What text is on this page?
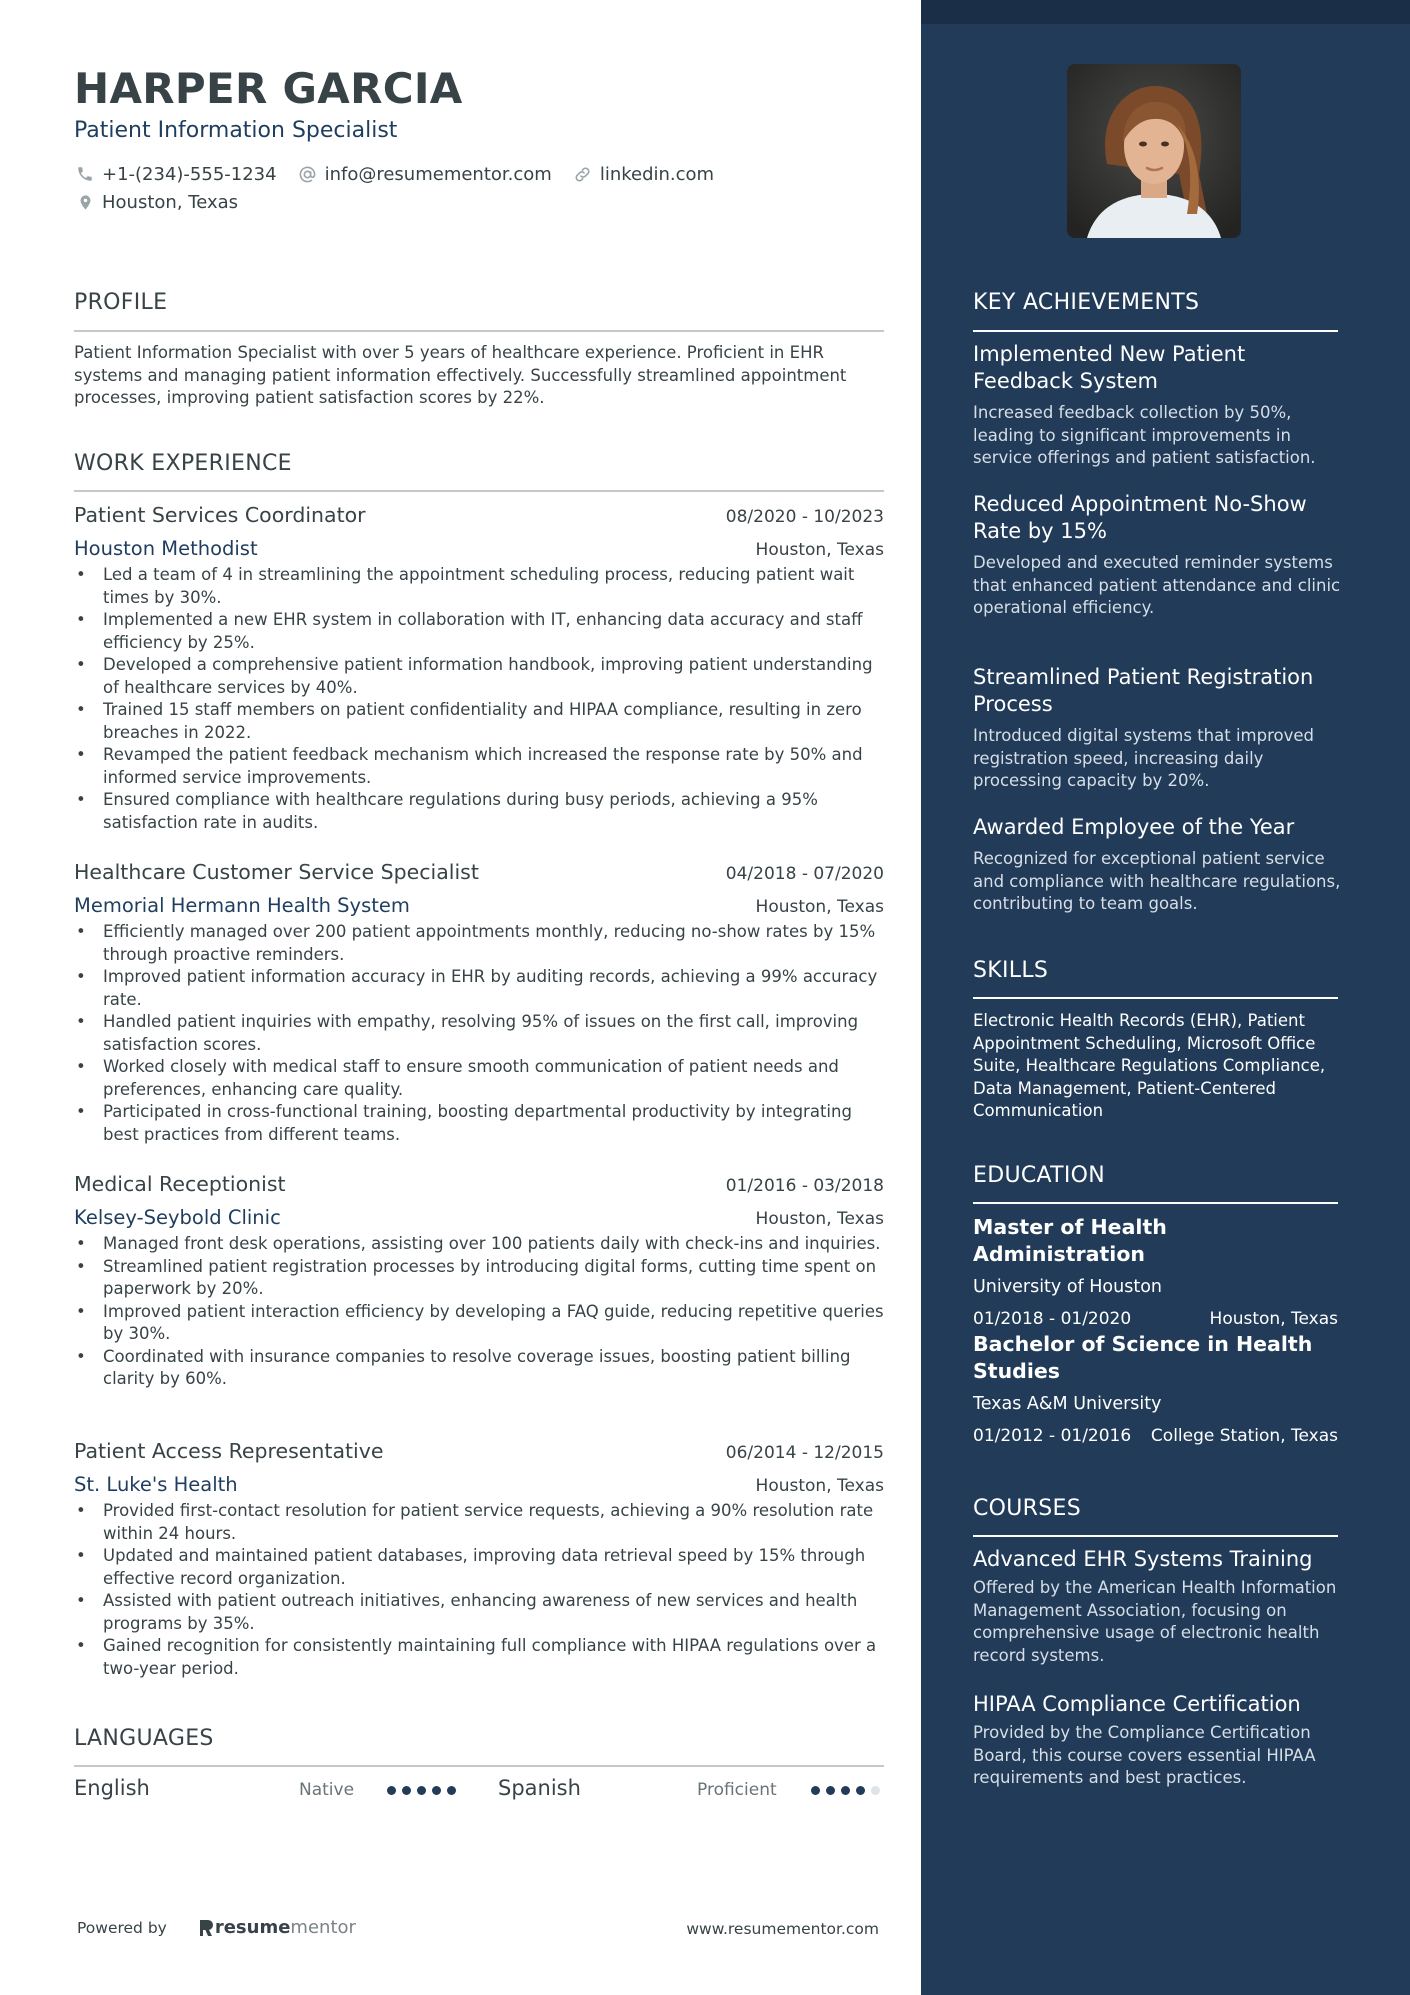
HARPER GARCIA
Patient Information Specialist
+1-(234)-555-1234	info@resumementor.com	linkedin.com
Houston, Texas
PROFILE
Patient Information Specialist with over 5 years of healthcare experience. Proficient in EHR systems and managing patient information effectively. Successfully streamlined appointment processes, improving patient satisfaction scores by 22%.
WORK EXPERIENCE
Patient Services Coordinator	08/2020 - 10/2023
Houston Methodist	Houston, Texas
• Led a team of 4 in streamlining the appointment scheduling process, reducing patient wait times by 30%.
• Implemented a new EHR system in collaboration with IT, enhancing data accuracy and staff efficiency by 25%.
• Developed a comprehensive patient information handbook, improving patient understanding of healthcare services by 40%.
• Trained 15 staff members on patient confidentiality and HIPAA compliance, resulting in zero breaches in 2022.
• Revamped the patient feedback mechanism which increased the response rate by 50% and informed service improvements.
• Ensured compliance with healthcare regulations during busy periods, achieving a 95% satisfaction rate in audits.
Healthcare Customer Service Specialist	04/2018 - 07/2020
Memorial Hermann Health System	Houston, Texas
• Efficiently managed over 200 patient appointments monthly, reducing no-show rates by 15% through proactive reminders.
• Improved patient information accuracy in EHR by auditing records, achieving a 99% accuracy rate.
• Handled patient inquiries with empathy, resolving 95% of issues on the first call, improving satisfaction scores.
• Worked closely with medical staff to ensure smooth communication of patient needs and preferences, enhancing care quality.
• Participated in cross-functional training, boosting departmental productivity by integrating best practices from different teams.
Medical Receptionist	01/2016 - 03/2018
Kelsey-Seybold Clinic	Houston, Texas
• Managed front desk operations, assisting over 100 patients daily with check-ins and inquiries.
• Streamlined patient registration processes by introducing digital forms, cutting time spent on paperwork by 20%.
• Improved patient interaction efficiency by developing a FAQ guide, reducing repetitive queries by 30%.
• Coordinated with insurance companies to resolve coverage issues, boosting patient billing clarity by 60%.
Patient Access Representative	06/2014 - 12/2015
St. Luke's Health	Houston, Texas
• Provided first-contact resolution for patient service requests, achieving a 90% resolution rate within 24 hours.
• Updated and maintained patient databases, improving data retrieval speed by 15% through effective record organization.
• Assisted with patient outreach initiatives, enhancing awareness of new services and health programs by 35%.
• Gained recognition for consistently maintaining full compliance with HIPAA regulations over a two-year period.
LANGUAGES
English	Native	Spanish	Proficient
Powered by	resume mentor	www.resumementor.com
KEY ACHIEVEMENTS
Implemented New Patient Feedback System
Increased feedback collection by 50%, leading to significant improvements in service offerings and patient satisfaction.
Reduced Appointment No-Show Rate by 15%
Developed and executed reminder systems that enhanced patient attendance and clinic operational efficiency.
Streamlined Patient Registration Process
Introduced digital systems that improved registration speed, increasing daily processing capacity by 20%.
Awarded Employee of the Year
Recognized for exceptional patient service and compliance with healthcare regulations, contributing to team goals.
SKILLS
Electronic Health Records (EHR), Patient Appointment Scheduling, Microsoft Office Suite, Healthcare Regulations Compliance, Data Management, Patient-Centered Communication
EDUCATION
Master of Health Administration
University of Houston
01/2018 - 01/2020	Houston, Texas
Bachelor of Science in Health Studies
Texas A&M University
01/2012 - 01/2016 College Station, Texas
COURSES
Advanced EHR Systems Training
Offered by the American Health Information Management Association, focusing on comprehensive usage of electronic health record systems.
HIPAA Compliance Certification
Provided by the Compliance Certification Board, this course covers essential HIPAA requirements and best practices.
